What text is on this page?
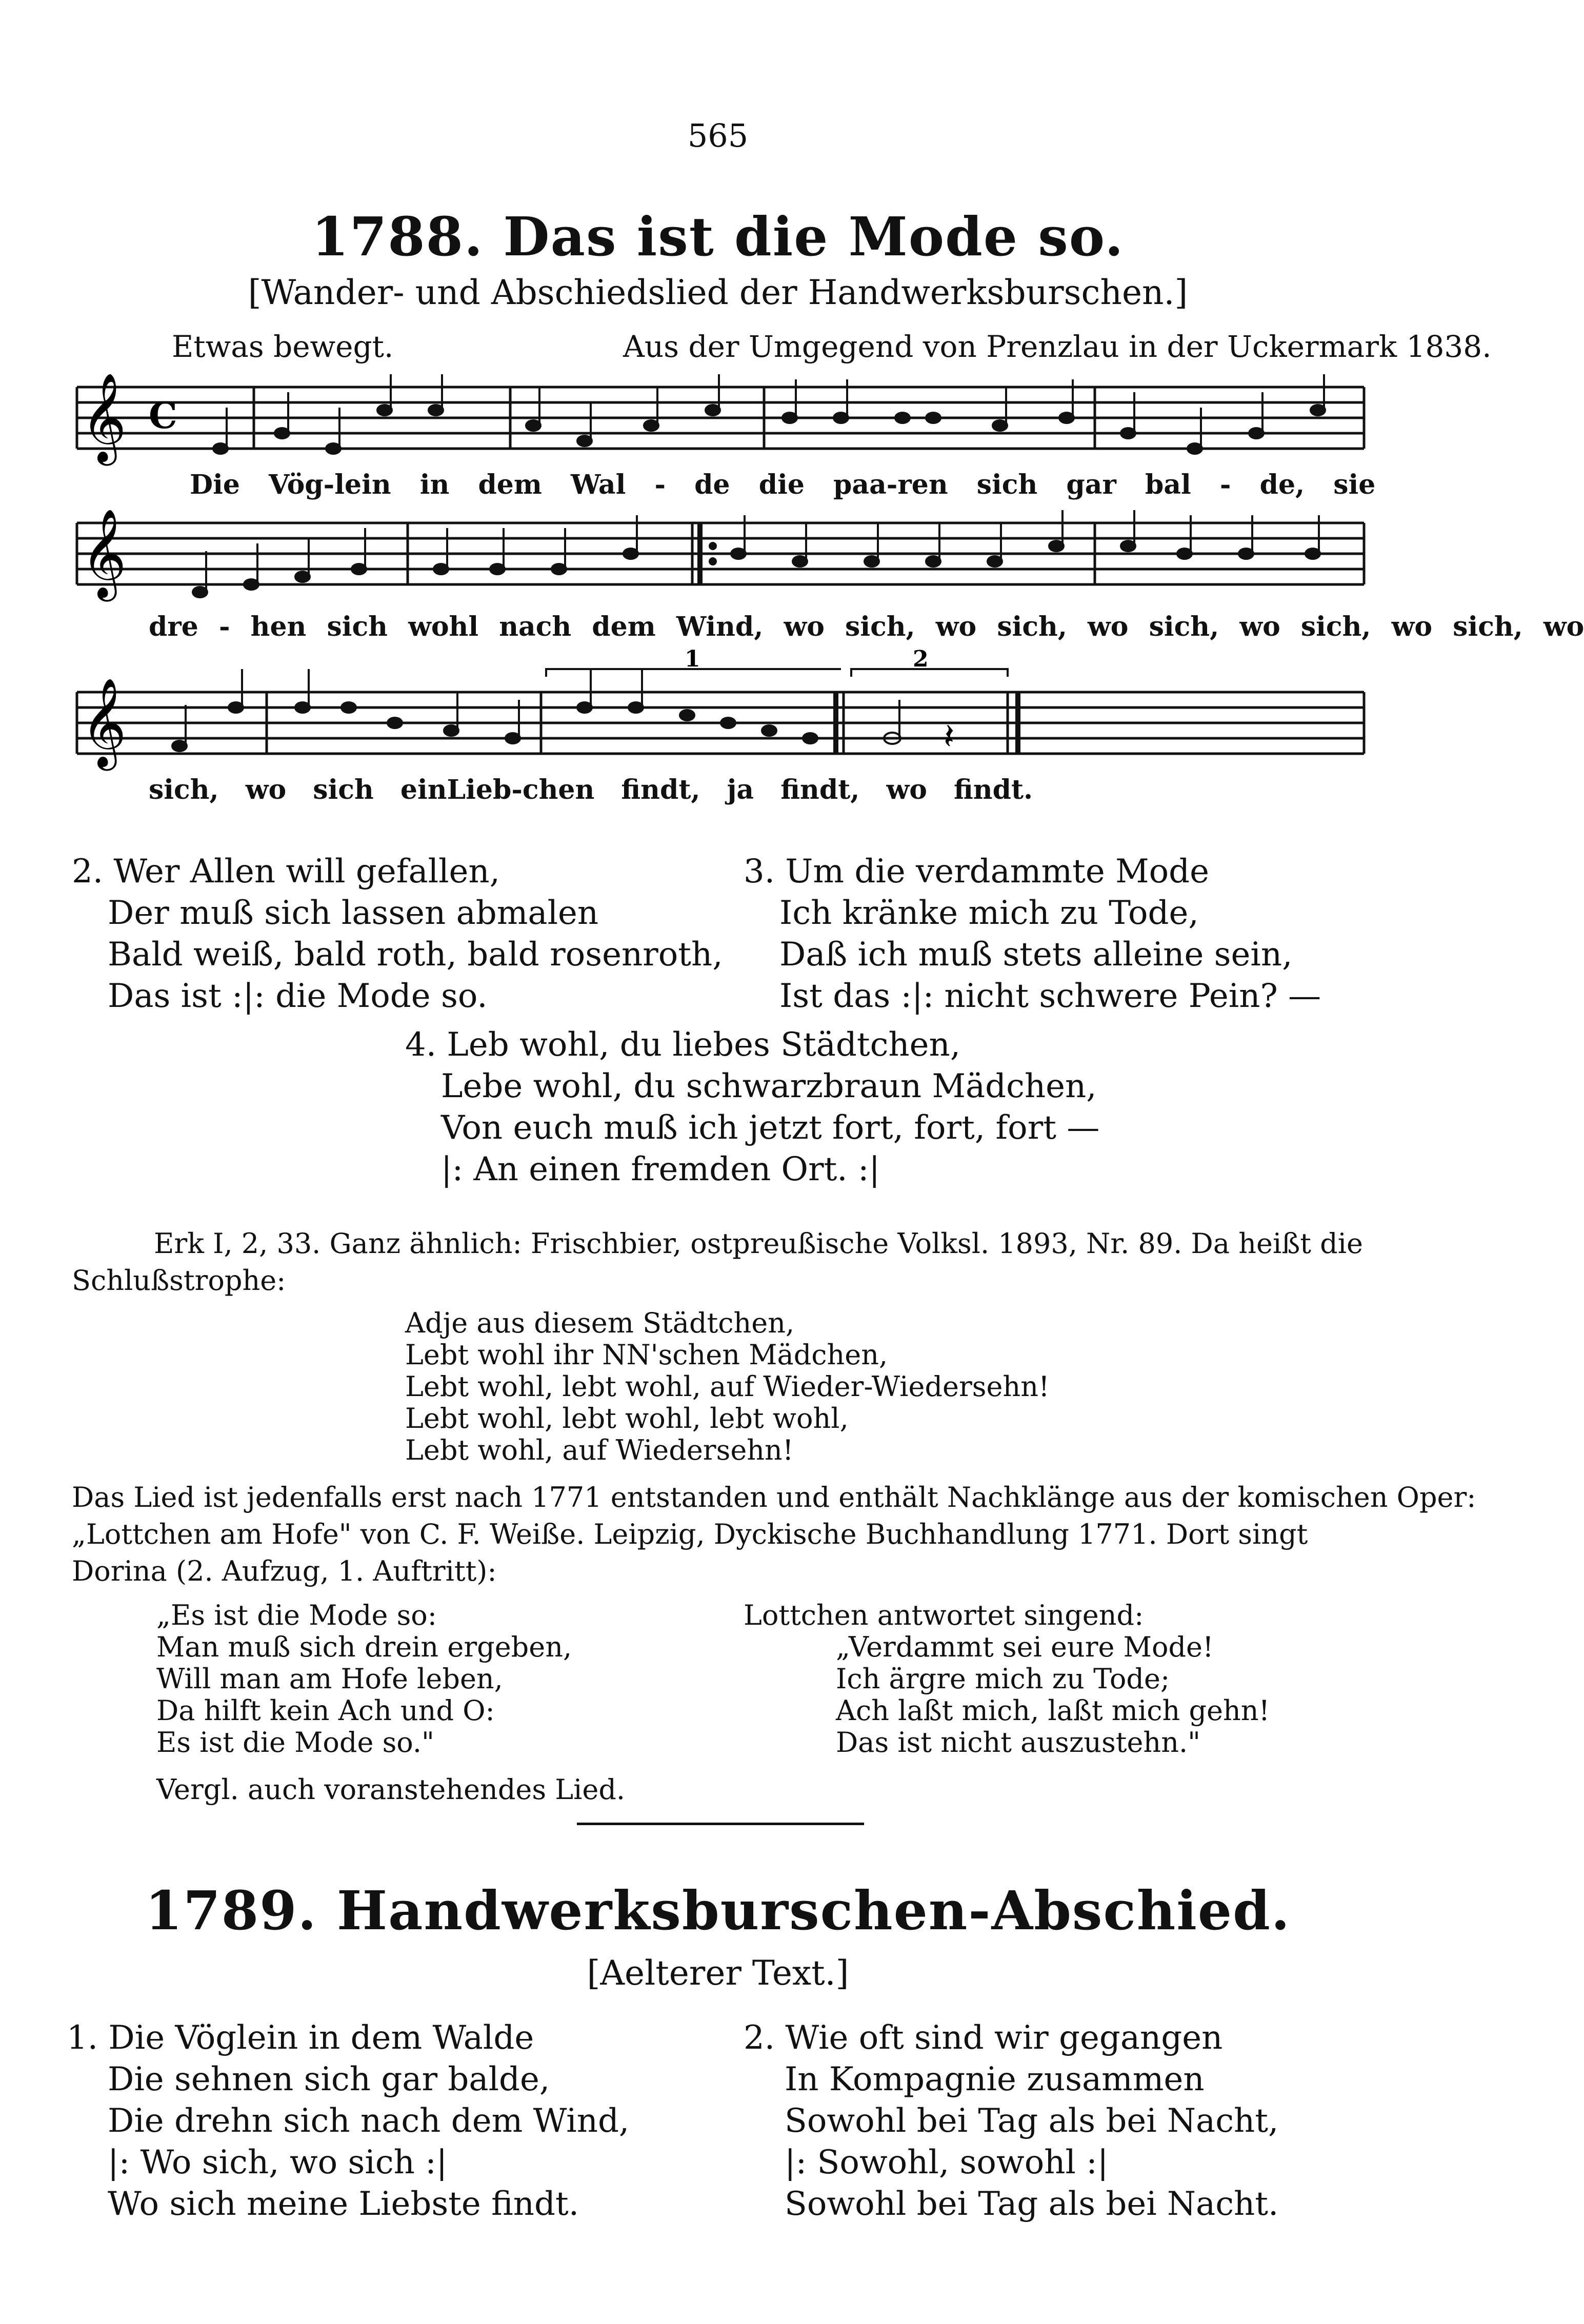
565
1788. Das ist die Mode so.
[Wander- und Abschiedslied der Handwerksburschen.]
Etwas bewegt.	Aus der Umgegend von Prenzlau in der Uckermark 1838.
𝄞 C
Die Vög-lein in dem Wal - de die paa-ren sich gar bal - de, sie
𝄞
dre - hen sich wohl nach dem Wind, wo sich, wo sich, wo sich, wo sich, wo sich, wo
1	2
𝄞	𝄽
sich, wo sich einLieb-chen findt, ja findt, wo findt.
2. Wer Allen will gefallen,
Der muß sich lassen abmalen
Bald weiß, bald roth, bald rosenroth,
Das ist :|: die Mode so.
3. Um die verdammte Mode
Ich kränke mich zu Tode,
Daß ich muß stets alleine sein,
Ist das :|: nicht schwere Pein? —
4. Leb wohl, du liebes Städtchen,
Lebe wohl, du schwarzbraun Mädchen,
Von euch muß ich jetzt fort, fort, fort —
|: An einen fremden Ort. :|
Erk I, 2, 33. Ganz ähnlich: Frischbier, ostpreußische Volksl. 1893, Nr. 89. Da heißt die
Schlußstrophe:
Adje aus diesem Städtchen,
Lebt wohl ihr NN'schen Mädchen,
Lebt wohl, lebt wohl, auf Wieder-Wiedersehn!
Lebt wohl, lebt wohl, lebt wohl,
Lebt wohl, auf Wiedersehn!
Das Lied ist jedenfalls erst nach 1771 entstanden und enthält Nachklänge aus der komischen Oper:
„Lottchen am Hofe" von C. F. Weiße. Leipzig, Dyckische Buchhandlung 1771. Dort singt
Dorina (2. Aufzug, 1. Auftritt):
„Es ist die Mode so:
Man muß sich drein ergeben,
Will man am Hofe leben,
Da hilft kein Ach und O:
Es ist die Mode so."
Lottchen antwortet singend:
„Verdammt sei eure Mode!
Ich ärgre mich zu Tode;
Ach laßt mich, laßt mich gehn!
Das ist nicht auszustehn."
Vergl. auch voranstehendes Lied.
1789. Handwerksburschen-Abschied.
[Aelterer Text.]
1. Die Vöglein in dem Walde
Die sehnen sich gar balde,
Die drehn sich nach dem Wind,
|: Wo sich, wo sich :|
Wo sich meine Liebste findt.
2. Wie oft sind wir gegangen
In Kompagnie zusammen
Sowohl bei Tag als bei Nacht,
|: Sowohl, sowohl :|
Sowohl bei Tag als bei Nacht.
